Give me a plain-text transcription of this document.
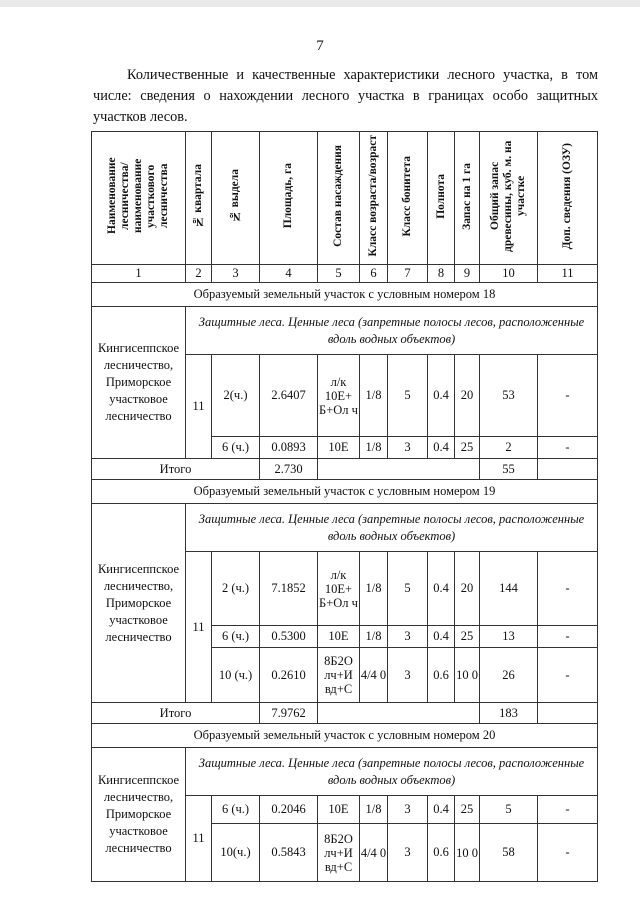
7
Количественные и качественные характеристики лесного участка, в том числе: сведения о нахождении лесного участка в границах особо защитных участков лесов.
Наименование лесничества/ наименование участкового лесничества	№ квартала	№ выдела	Площадь, га	Состав насаждения	Класс возраста/возраст	Класс бонитета	Полнота	Запас на 1 га	Общий запас древесины, куб. м. на участке	Доп. сведения (ОЗУ)
1	2	3	4	5	6	7	8	9	10	11
Образуемый земельный участок с условным номером 18										
Кингисеппское лесничество, Приморское участковое лесничество	Защитные леса. Ценные леса (запретные полосы лесов, расположенные вдоль водных объектов)									
	11	2(ч.)	2.6407	л/к 10Е+ Б+Ол ч	1/8	5	0.4	20	53	-
		6 (ч.)	0.0893	10Е	1/8	3	0.4	25	2	-
Итого			2.730						55	
Образуемый земельный участок с условным номером 19										
Кингисеппское лесничество, Приморское участковое лесничество	Защитные леса. Ценные леса (запретные полосы лесов, расположенные вдоль водных объектов)									
	11	2 (ч.)	7.1852	л/к 10Е+ Б+Ол ч	1/8	5	0.4	20	144	-
		6 (ч.)	0.5300	10Е	1/8	3	0.4	25	13	-
		10 (ч.)	0.2610	8Б2О лч+И вд+С	4/4 0	3	0.6	10 0	26	-
Итого			7.9762						183	
Образуемый земельный участок с условным номером 20										
Кингисеппское лесничество, Приморское участковое лесничество	Защитные леса. Ценные леса (запретные полосы лесов, расположенные вдоль водных объектов)									
	11	6 (ч.)	0.2046	10Е	1/8	3	0.4	25	5	-
		10(ч.)	0.5843	8Б2О лч+И вд+С	4/4 0	3	0.6	10 0	58	-
